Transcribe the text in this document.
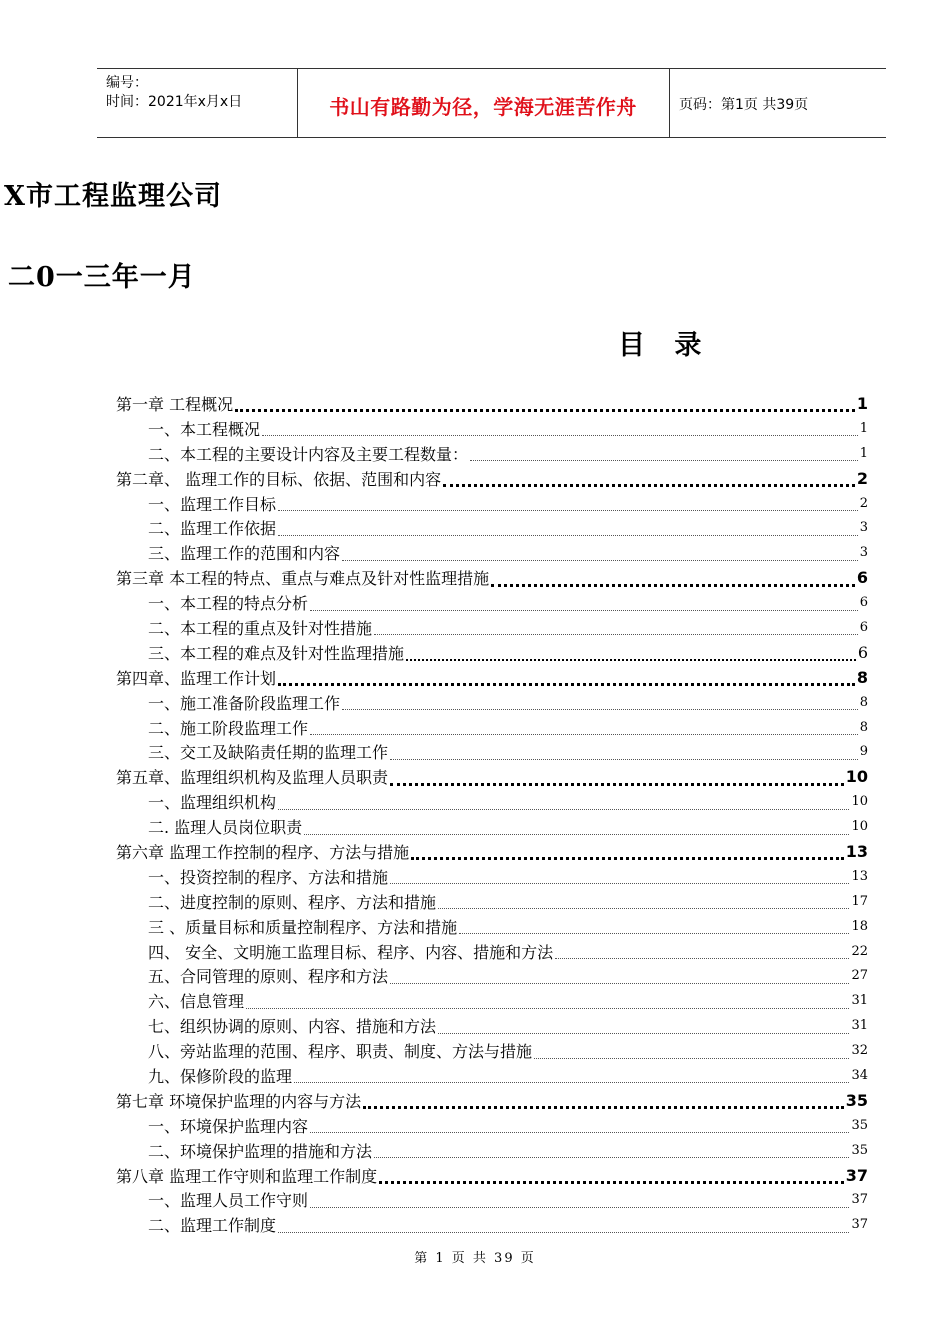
编号：
时间：2021年x月x日	书山有路勤为径，学海无涯苦作舟	页码：第1页 共39页
X市工程监理公司
二0一三年一月
目 录
第一章 工程概况	1
一、本工程概况	1
二、本工程的主要设计内容及主要工程数量：	1
第二章、 监理工作的目标、依据、范围和内容	2
一、监理工作目标	2
二、监理工作依据	3
三、监理工作的范围和内容	3
第三章 本工程的特点、重点与难点及针对性监理措施	6
一、本工程的特点分析	6
二、本工程的重点及针对性措施	6
三、本工程的难点及针对性监理措施	6
第四章、监理工作计划	8
一、施工准备阶段监理工作	8
二、施工阶段监理工作	8
三、交工及缺陷责任期的监理工作	9
第五章、监理组织机构及监理人员职责	10
一、监理组织机构	10
二. 监理人员岗位职责	10
第六章 监理工作控制的程序、方法与措施	13
一、投资控制的程序、方法和措施	13
二、进度控制的原则、程序、方法和措施	17
三 、质量目标和质量控制程序、方法和措施	18
四、 安全、文明施工监理目标、程序、内容、措施和方法	22
五、合同管理的原则、程序和方法	27
六、信息管理	31
七、组织协调的原则、内容、措施和方法	31
八、旁站监理的范围、程序、职责、制度、方法与措施	32
九、保修阶段的监理	34
第七章 环境保护监理的内容与方法	35
一、环境保护监理内容	35
二、环境保护监理的措施和方法	35
第八章 监理工作守则和监理工作制度	37
一、监理人员工作守则	37
二、监理工作制度	37
第 1 页 共 39 页
